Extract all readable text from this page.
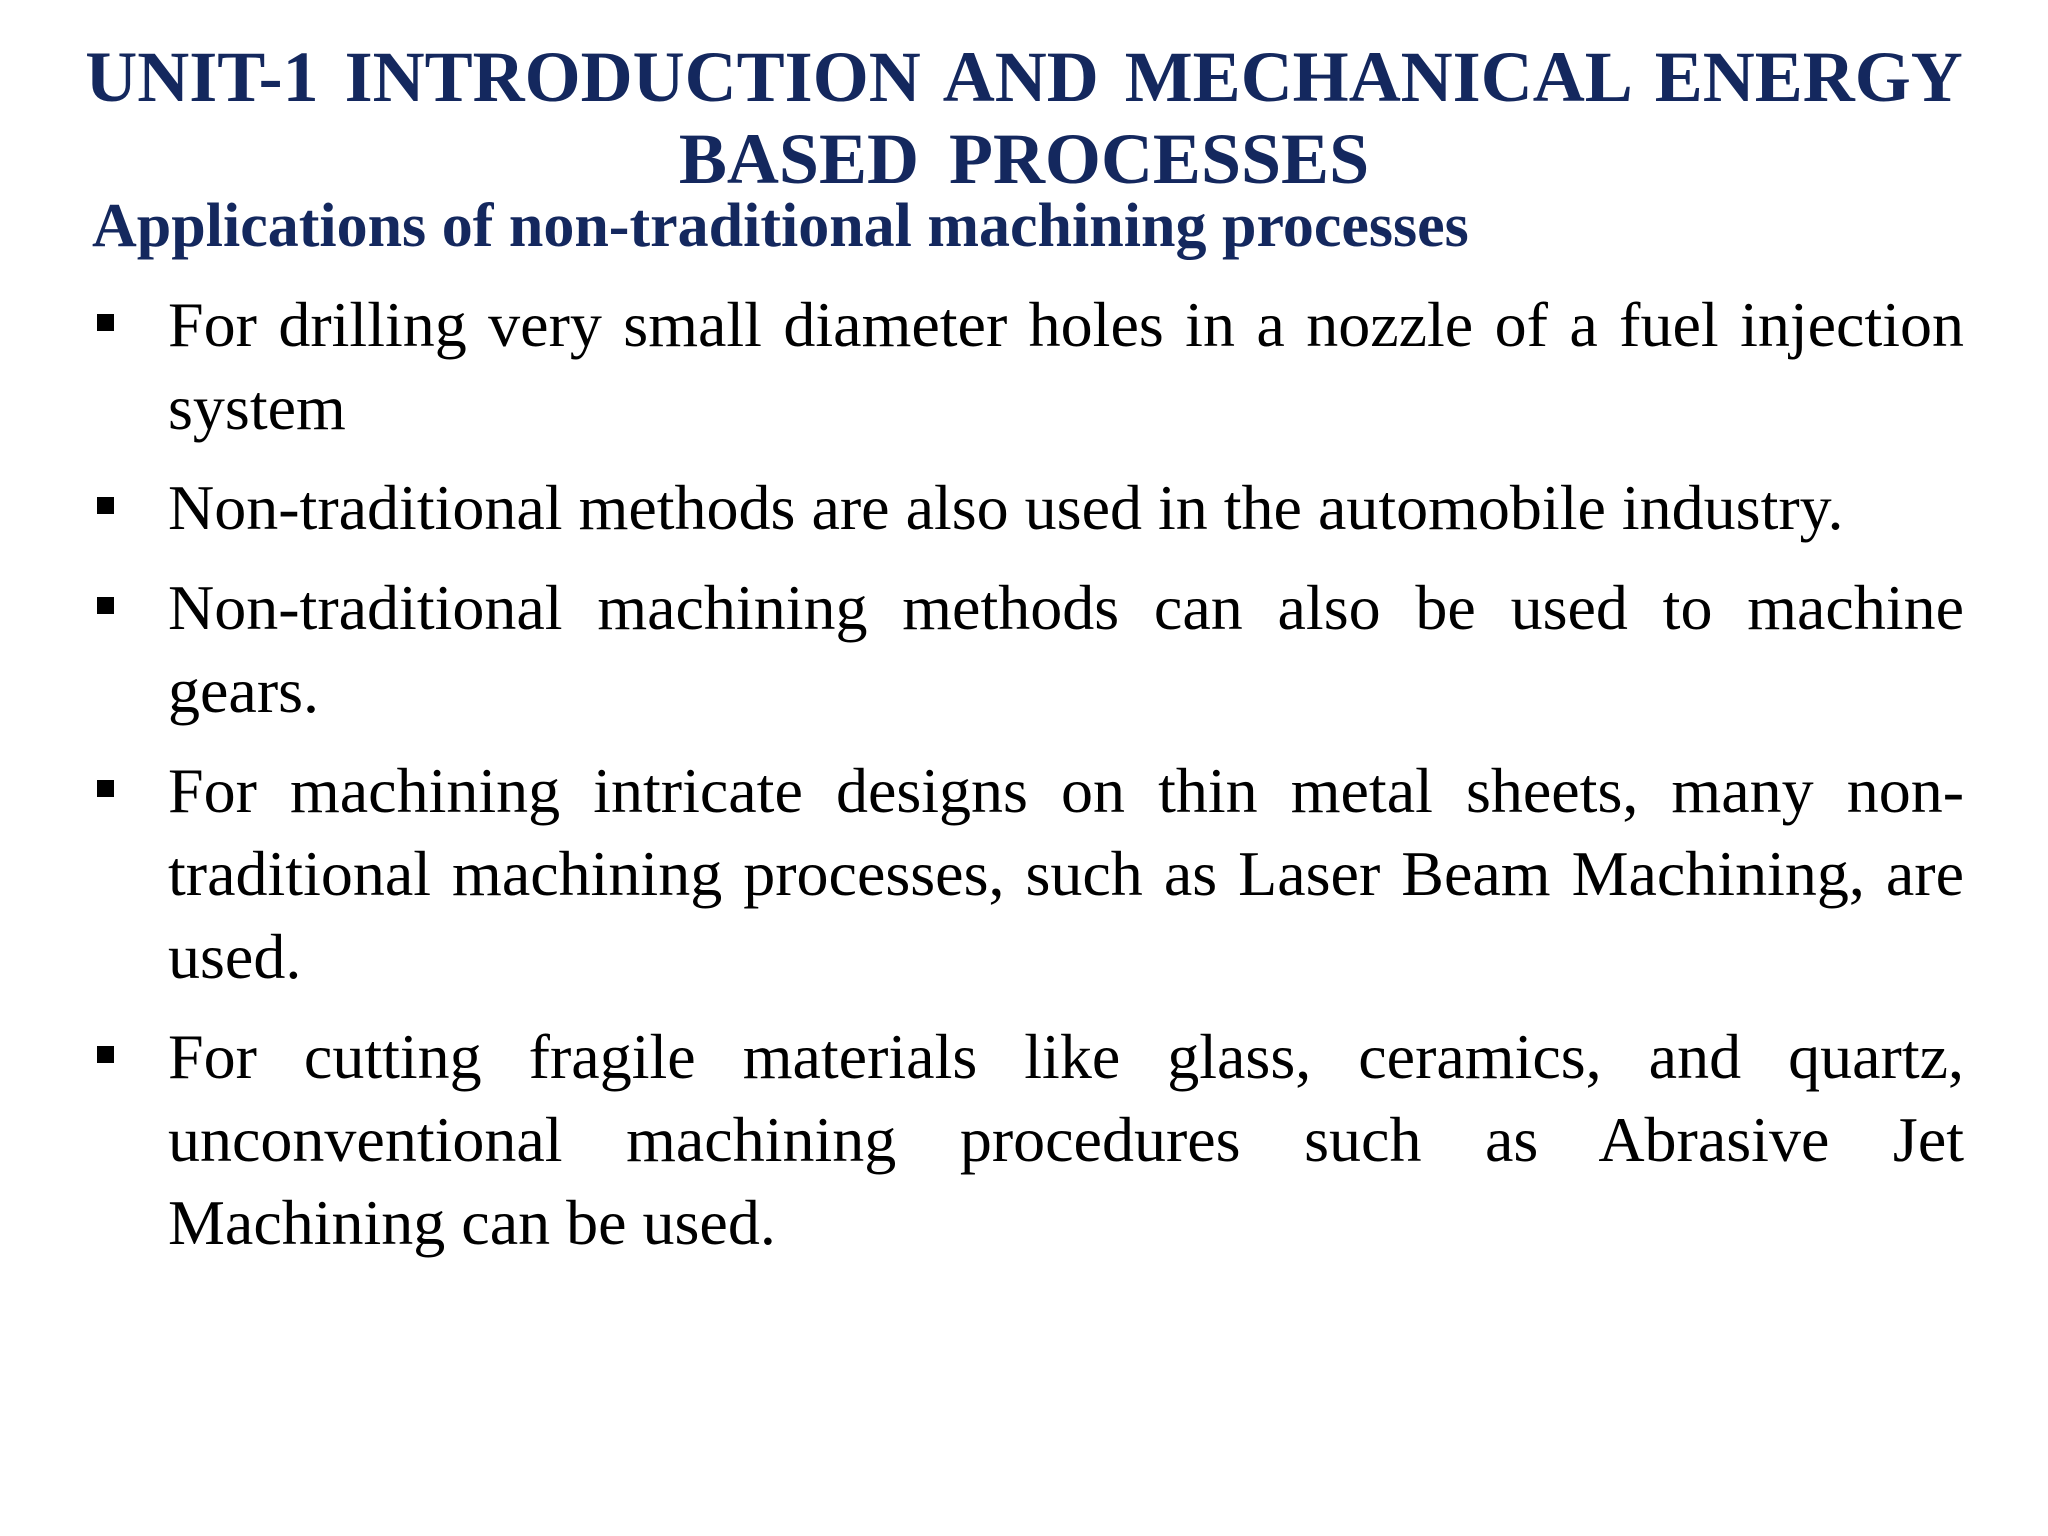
UNIT-1 INTRODUCTION AND MECHANICAL ENERGY
BASED PROCESSES
Applications of non-traditional machining processes
For drilling very small diameter holes in a nozzle of a fuel injection system
Non-traditional methods are also used in the automobile industry.
Non-traditional machining methods can also be used to machine gears.
For machining intricate designs on thin metal sheets, many non-traditional machining processes, such as Laser Beam Machining, are used.
For cutting fragile materials like glass, ceramics, and quartz, unconventional machining procedures such as Abrasive Jet Machining can be used.
